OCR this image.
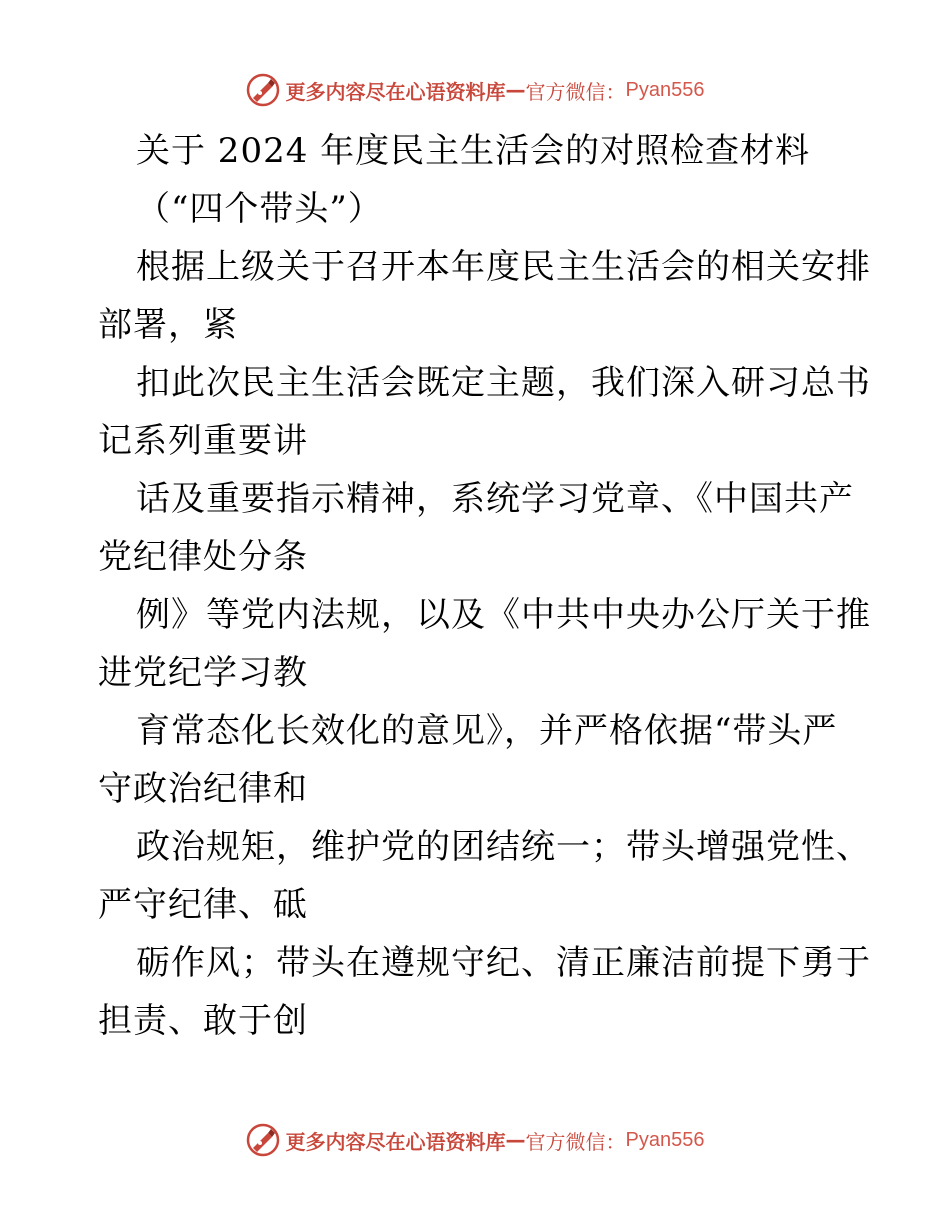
更多内容尽在心语资料库 — 官方微信： Pyan556
关于 2024 年度民主生活会的对照检查材料
（“四个带头”）
根据上级关于召开本年度民主生活会的相关安排
部署，紧
扣此次民主生活会既定主题，我们深入研习总书
记系列重要讲
话及重要指示精神，系统学习党章、《中国共产
党纪律处分条
例》等党内法规，以及《中共中央办公厅关于推
进党纪学习教
育常态化长效化的意见》，并严格依据“带头严
守政治纪律和
政治规矩，维护党的团结统一；带头增强党性、
严守纪律、砥
砺作风；带头在遵规守纪、清正廉洁前提下勇于
担责、敢于创
更多内容尽在心语资料库 — 官方微信： Pyan556
